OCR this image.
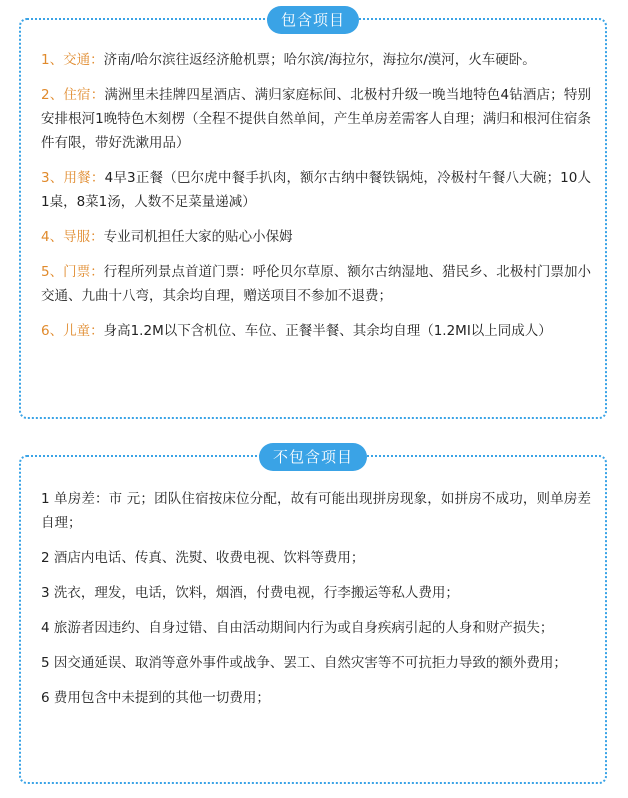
包含项目
1、交通：济南/哈尔滨往返经济舱机票；哈尔滨/海拉尔，海拉尔/漠河，火车硬卧。
2、住宿：满洲里未挂牌四星酒店、满归家庭标间、北极村升级一晚当地特色4钻酒店；特别安排根河1晚特色木刻楞（全程不提供自然单间，产生单房差需客人自理；满归和根河住宿条件有限，带好洗漱用品）
3、用餐：4早3正餐（巴尔虎中餐手扒肉，额尔古纳中餐铁锅炖，冷极村午餐八大碗；10人1桌，8菜1汤，人数不足菜量递减）
4、导服：专业司机担任大家的贴心小保姆
5、门票：行程所列景点首道门票：呼伦贝尔草原、额尔古纳湿地、猎民乡、北极村门票加小交通、九曲十八弯，其余均自理，赠送项目不参加不退费；
6、儿童：身高1.2M以下含机位、车位、正餐半餐、其余均自理（1.2MI以上同成人）
不包含项目
1 单房差：市 元；团队住宿按床位分配，故有可能出现拼房现象，如拼房不成功，则单房差自理；
2 酒店内电话、传真、洗熨、收费电视、饮料等费用；
3 洗衣，理发，电话，饮料，烟酒，付费电视，行李搬运等私人费用；
4 旅游者因违约、自身过错、自由活动期间内行为或自身疾病引起的人身和财产损失；
5 因交通延误、取消等意外事件或战争、罢工、自然灾害等不可抗拒力导致的额外费用；
6 费用包含中未提到的其他一切费用；
